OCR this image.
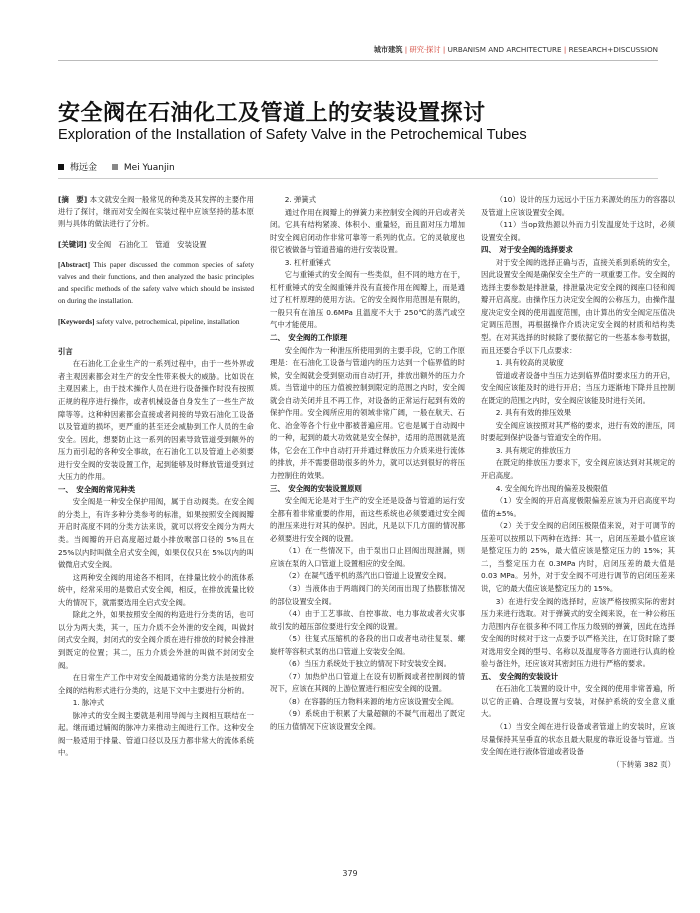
城市建筑 | 研究·探讨 | URBANISM AND ARCHITECTURE | RESEARCH+DISCUSSION
安全阀在石油化工及管道上的安装设置探讨
Exploration of the Installation of Safety Valve in the Petrochemical Tubes
梅远金	Mei Yuanjin

[摘　要] 本文就安全阀一般常见的种类及其发挥的主要作用进行了探讨，继而对安全阀在实装过程中应该坚持的基本原则与具体的做法进行了分析。

[关键词] 安全阀　石油化工　管道　安装设置

[Abstract] This paper discussed the common species of safety valves and their functions, and then analyzed the basic principles and specific methods of the safety valve which should be insisted on during the installation.

[Keywords] safety valve, petrochemical, pipeline, installation

引言

在石油化工企业生产的一系列过程中，由于一些外界或者主观因素都会对生产的安全性带来极大的威胁。比如说在主观因素上，由于技术操作人员在进行设备操作时没有按照正规的程序进行操作，或者机械设备自身发生了一些生产故障等等。这种种因素都会直接或者间接的导致石油化工设备以及管道的损坏，更严重的甚至还会威胁到工作人员的生命安全。因此，想要防止这一系列的因素导致管道受到额外的压力而引起的各种安全事故，在石油化工以及管道上必须要进行安全阀的安装设置工作，起到能够及时释放管道受到过大压力的作用。

一、　安全阀的常见种类

安全阀是一种安全保护用阀，属于自动阀类。在安全阀的分类上，有许多种分类参考的标准，如果按照安全阀阀瓣开启时高度不同的分类方法来说，就可以将安全阀分为两大类。当阀瓣的开启高度超过最小排放喉部口径的 5%且在 25%以内时叫做全启式安全阀，如果仅仅只在 5%以内的叫做微启式安全阀。

这两种安全阀的用途各不相同，在排量比较小的流体系统中，经常采用的是微启式安全阀，相反，在排放流量比较大的情况下，就需要选用全启式安全阀。

除此之外，如果按照安全阀的构造进行分类的话，也可以分为两大类，其一，压力介质不会外泄的安全阀，叫做封闭式安全阀，封闭式的安全阀介质在进行排放的时候会排泄到既定的位置；其二，压力介质会外泄的叫做不封闭安全阀。

在日常生产工作中对安全阀最通常的分类方法是按照安全阀的结构形式进行分类的，这是下文中主要进行分析的。

1. 脉冲式

脉冲式的安全阀主要就是利用导阀与主阀相互联结在一起。继而通过辅阀的脉冲力来推动主阀进行工作。这种安全阀一般适用于排量、管道口径以及压力都非常大的流体系统中。

2. 弹簧式

通过作用在阀瓣上的弹簧力来控制安全阀的开启或者关闭。它具有结构紧凑、体积小、重量轻，而且面对压力增加时安全阀启闭动作非常可靠等一系列的优点。它的灵敏度也很它被做备与管道普遍的进行安装设置。

3. 杠杆重锤式

它与重锤式的安全阀有一些类似，但不同的地方在于，杠杆重锤式的安全阀重锤并没有直接作用在阀瓣上，而是通过了杠杆原理的使用方法。它的安全阀作用范围是有限的，一般只有在油压 0.6MPa 且温度不大于 250℃的蒸汽或空气中才能使用。

二、　安全阀的工作原理

安全阀作为一种泄压所使用到的主要手段，它的工作原理是：在石油化工设备与管道内的压力达到一个临界值的时候，安全阀就会受到驱动而自动打开，排放出额外的压力介质。当管道中的压力值被控制到限定的范围之内时，安全阀就会自动关闭并且不再工作，对设备的正常运行起到有效的保护作用。安全阀所应用的领域非常广阔，一般在航天、石化、冶金等各个行业中都被普遍应用。它也是属于自动阀中的一种，起到的最大功效就是安全保护，适用的范围就是流体，它会在工作中自动打开并通过释放压力介质来进行流体的排放，并不需要借助很多的外力，就可以达到很好的将压力控制住的效果。

三、　安全阀的安装设置原则

安全阀无论是对于生产的安全还是设备与管道的运行安全都有着非常重要的作用，而这些系统也必须要通过安全阀的泄压来进行对其的保护。因此，凡是以下几方面的情况都必须要进行安全阀的设置。

（1）在一些情况下，由于泵出口止回阀出现泄漏，则应该在泵的入口管道上设置相应的安全阀。

（2）在凝气透平机的蒸汽出口管道上设置安全阀。

（3）当液体由于两端阀门的关闭而出现了热膨胀情况的部位设置安全阀。

（4）由于工艺事故、自控事故、电力事故或者火灾事故引发的超压部位要进行安全阀的设置。

（5）往复式压缩机的各段的出口或者电动往复泵、螺旋杆等容积式泵的出口管道上安装安全阀。

（6）当压力系统处于独立的情况下时安装安全阀。

（7）加热炉出口管道上在设有切断阀或者控制阀的情况下，应该在其阀的上游位置进行相应安全阀的设置。

（8）在容器的压力物料来源的地方应该设置安全阀。

（9）系统由于积累了大量超额的不凝气而超出了既定的压力值情况下应该设置安全阀。

（10）设计的压力远远小于压力来源处的压力的容器以及管道上应该设置安全阀。

（11）当op致热源以外而力引发温度处于这时，必须设置安全阀。

四、　对于安全阀的选择要求

对于安全阀的选择正确与否，直接关系到系统的安全，因此设置安全阀是确保安全生产的一项重要工作。安全阀的选择主要参数是排泄量，排泄量决定安全阀的阀座口径和阀瓣开启高度。由操作压力决定安全阀的公称压力，由操作温度决定安全阀的使用温度范围，由计算出的安全阀定压值决定调压范围，再根据操作介质决定安全阀的材质和结构类型。在对其选择的时候除了要依据它的一些基本参考数据，而且还要合乎以下几点要求：

1. 具有较高的灵敏度

管道或者设备中当压力达到临界值时要求压力的开启，安全阀应该能及时的进行开启；当压力逐渐地下降并且控制在既定的范围之内时，安全阀应该能及时进行关闭。

2. 具有有效的排压效果

安全阀应该按照对其严格的要求，进行有效的泄压，同时要起到保护设备与管道安全的作用。

3. 具有规定的排放压力

在既定的排放压力要求下，安全阀应该达到对其规定的开启高度。

4. 安全阀允许出现的偏差及极限值

（1）安全阀的开启高度极限偏差应该为开启高度平均值的±5%。

（2）关于安全阀的启闭压极限值来说，对于可调节的压差可以按照以下两种在选择：其一，启闭压差最小值应该是整定压力的 25%，最大值应该是整定压力的 15%；其二，当整定压力在 0.3MPa 内时，启闭压差的最大值是 0.03 MPa。另外，对于安全阀不可进行调节的启闭压差来说，它的最大值应该是整定压力的 15%。

3）在进行安全阀的选择时，应该严格按照实际的密封压力来进行选取。对于弹簧式的安全阀来说，在一种公称压力范围内存在很多种不同工作压力级别的弹簧，因此在选择安全阀的时候对于这一点要予以严格关注，在订货时除了要对选用安全阀的型号、名称以及温度等各方面进行认真的检验与备注外，还应该对其密封压力进行严格的要求。

五、　安全阀的安装设计

在石油化工装置的设计中，安全阀的使用非常普遍，所以它的正确、合理设置与安装，对保护系统的安全意义重大。

（1）当安全阀在进行设备或者管道上的安装时，应该尽量保持其呈垂直的状态且最大限度的靠近设备与管道。当安全阀在进行液体管道或者设备

（下转第 382 页）

379
